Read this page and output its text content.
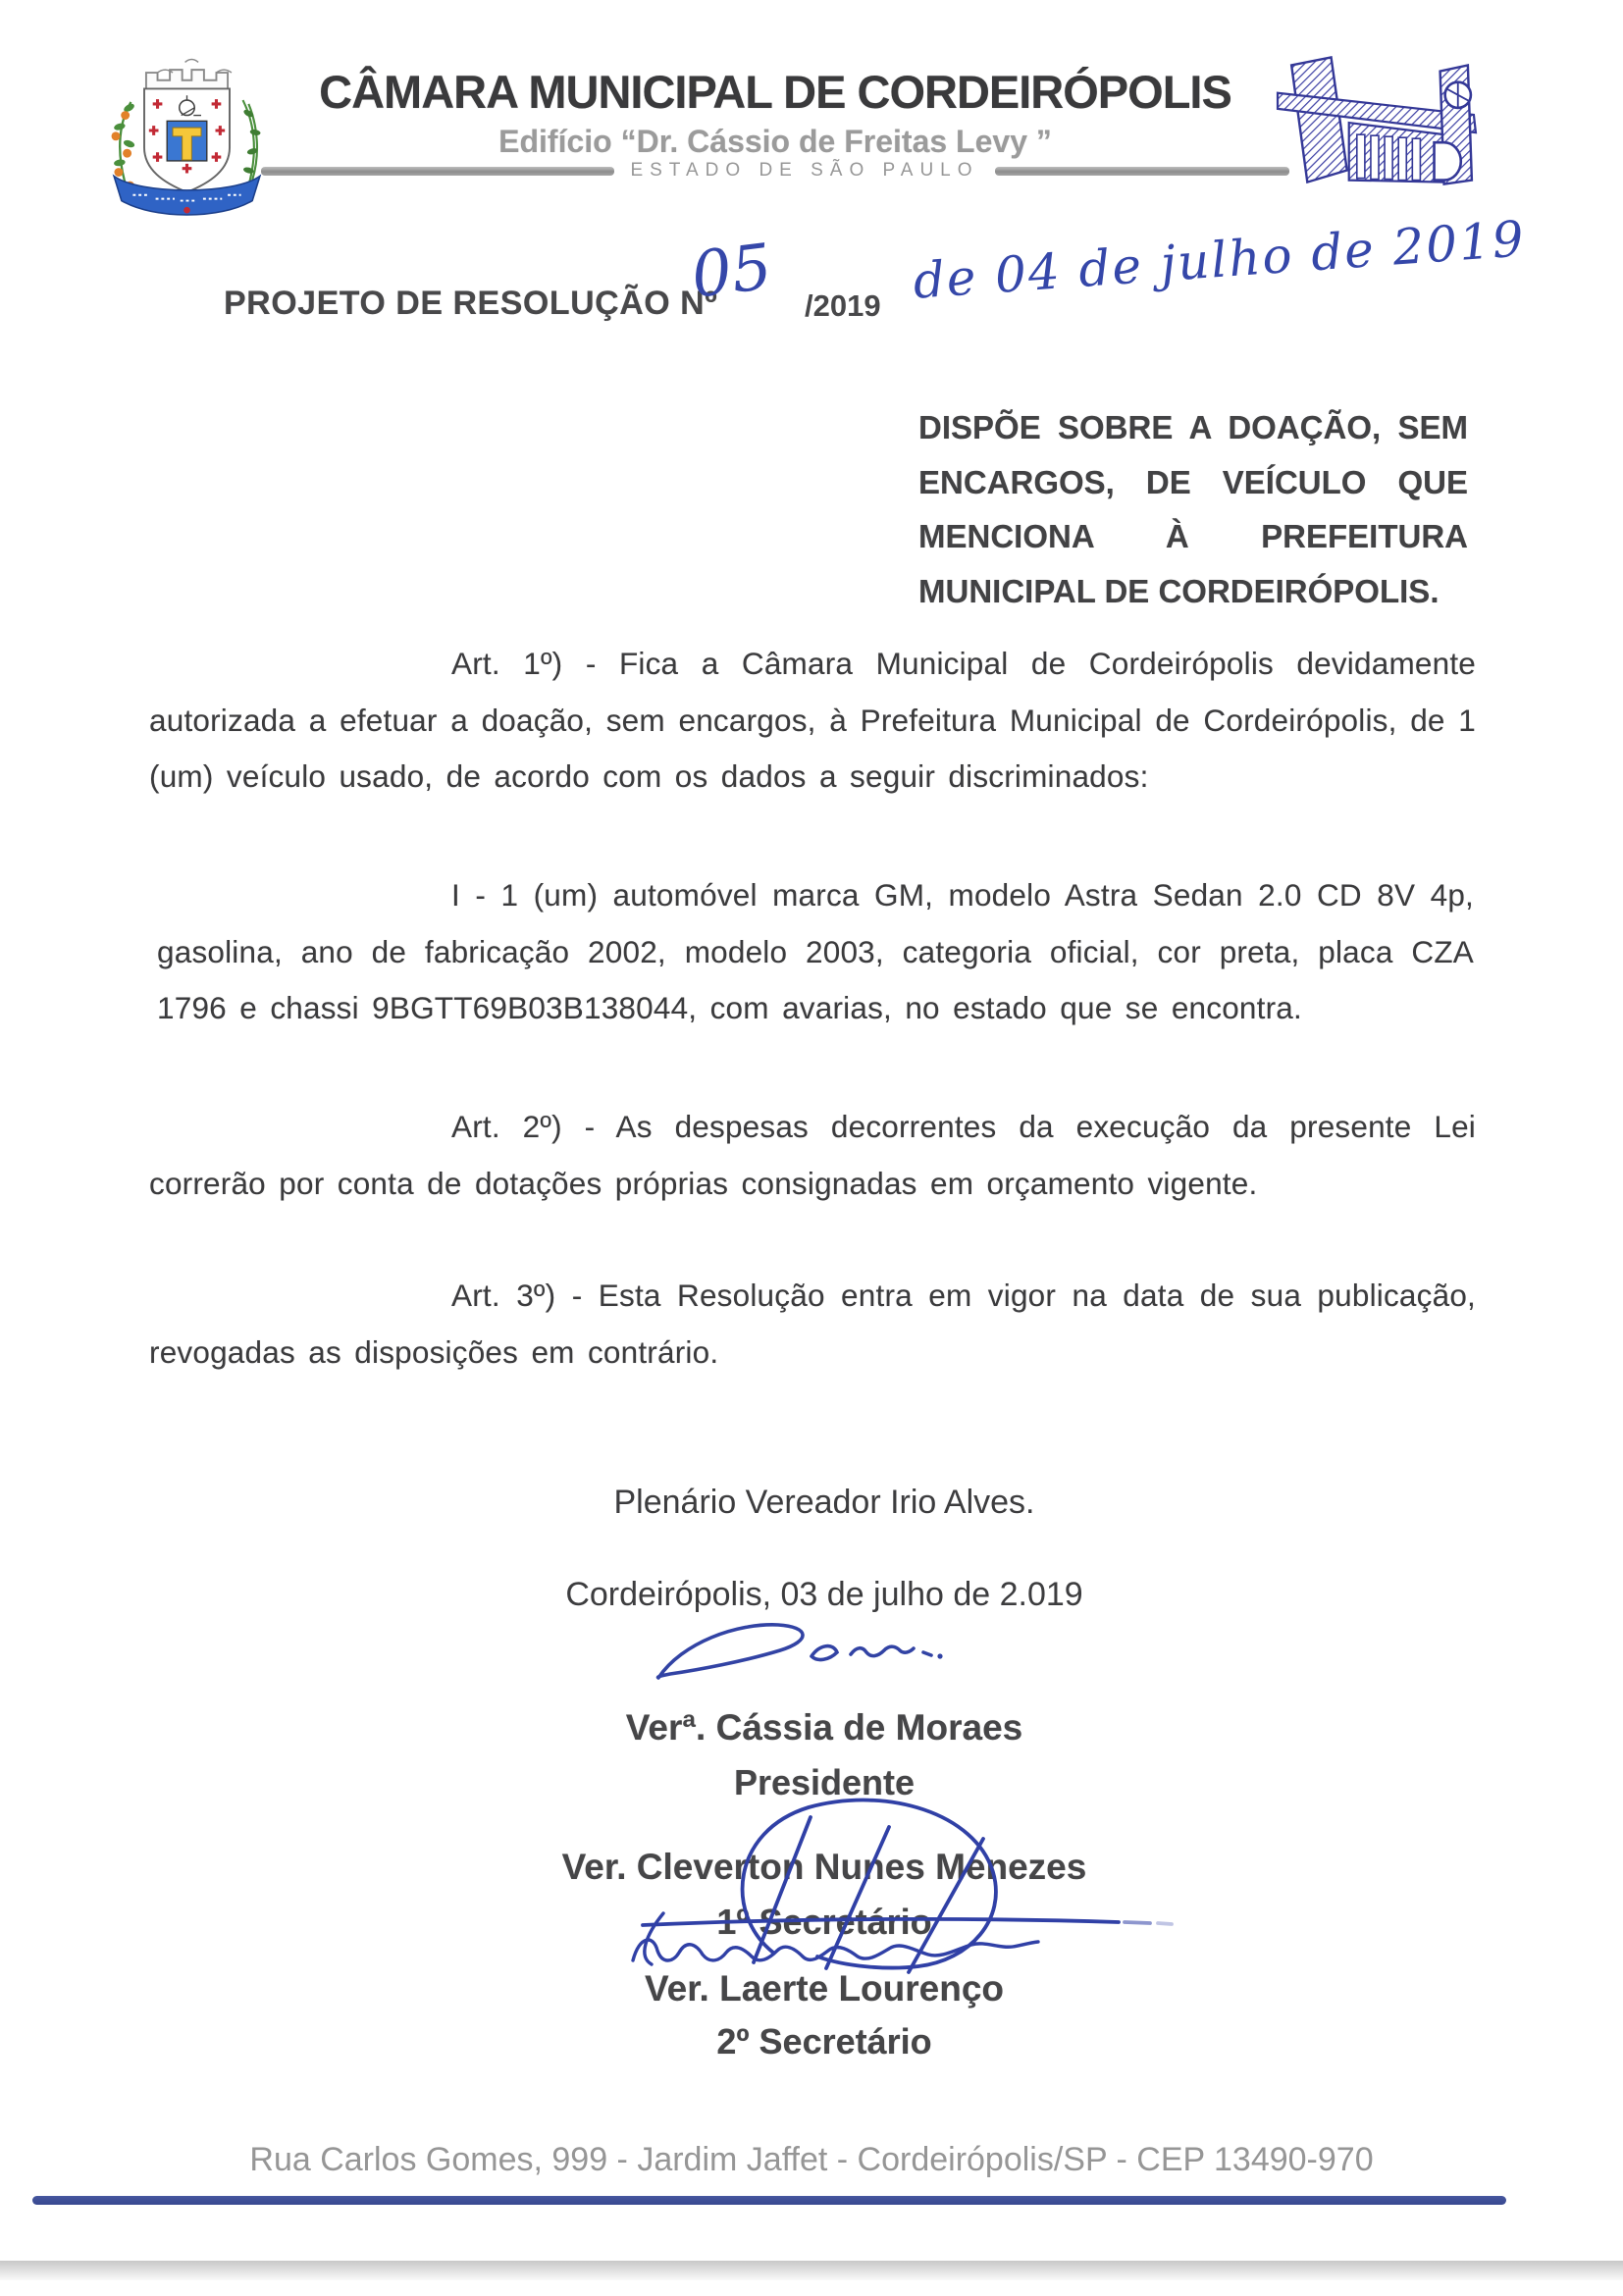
CÂMARA MUNICIPAL DE CORDEIRÓPOLIS
Edifício “Dr. Cássio de Freitas Levy ”
ESTADO DE SÃO PAULO
PROJETO DE RESOLUÇÃO Nº
05 /2019 de 04 de julho de 2019
DISPÕE SOBRE A DOAÇÃO, SEM ENCARGOS, DE VEÍCULO QUE MENCIONA À PREFEITURA MUNICIPAL DE CORDEIRÓPOLIS.

Art. 1º) - Fica a Câmara Municipal de Cordeirópolis devidamente autorizada a efetuar a doação, sem encargos, à Prefeitura Municipal de Cordeirópolis, de 1 (um) veículo usado, de acordo com os dados a seguir discriminados:

I - 1 (um) automóvel marca GM, modelo Astra Sedan 2.0 CD 8V 4p, gasolina, ano de fabricação 2002, modelo 2003, categoria oficial, cor preta, placa CZA 1796 e chassi 9BGTT69B03B138044, com avarias, no estado que se encontra.

Art. 2º) - As despesas decorrentes da execução da presente Lei correrão por conta de dotações próprias consignadas em orçamento vigente.

Art. 3º) - Esta Resolução entra em vigor na data de sua publicação, revogadas as disposições em contrário.

Plenário Vereador Irio Alves.
Cordeirópolis, 03 de julho de 2.019
Verª. Cássia de Moraes
Presidente
Ver. Cleverton Nunes Menezes
1º Secretário
Ver. Laerte Lourenço
2º Secretário
Rua Carlos Gomes, 999 - Jardim Jaffet - Cordeirópolis/SP - CEP 13490-970
